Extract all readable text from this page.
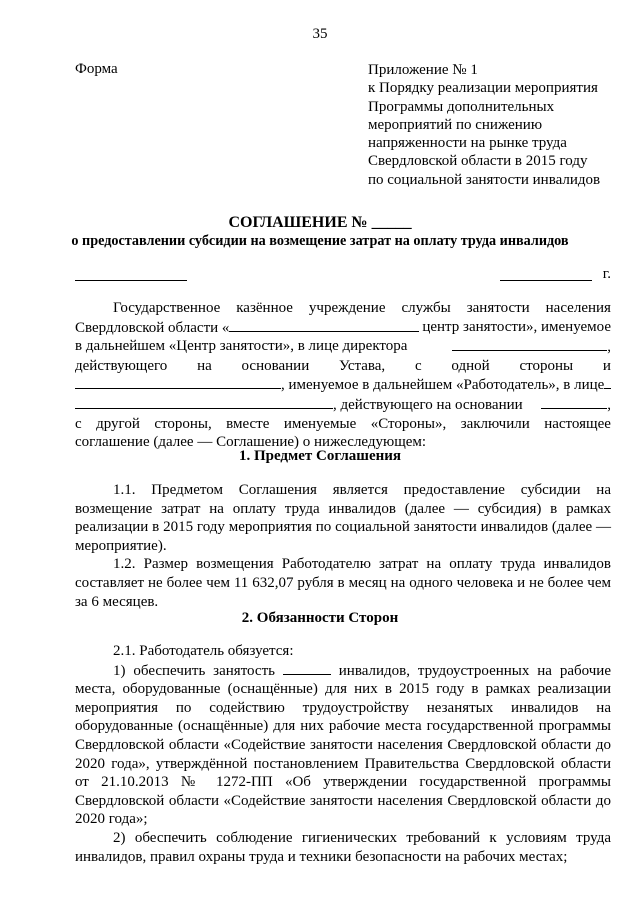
35
Форма	Приложение № 1
к Порядку реализации мероприятия
Программы дополнительных
мероприятий по снижению
напряженности на рынке труда
Свердловской области в 2015 году
по социальной занятости инвалидов
СОГЛАШЕНИЕ № _____
о предоставлении субсидии на возмещение затрат на оплату труда инвалидов
г.
Государственное казённое учреждение службы занятости населения
Свердловской области «	центр занятости», именуемое
в дальнейшем «Центр занятости», в лице директора	,
действующего на основании Устава, с одной стороны и
, именуемое в дальнейшем «Работодатель», в лице
, действующего на основании	,
с другой стороны, вместе именуемые «Стороны», заключили настоящее
соглашение (далее — Соглашение) о нижеследующем:
1. Предмет Соглашения

1.1. Предметом Соглашения является предоставление субсидии на возмещение затрат на оплату труда инвалидов (далее — субсидия) в рамках реализации в 2015 году мероприятия по социальной занятости инвалидов (далее — мероприятие).

1.2. Размер возмещения Работодателю затрат на оплату труда инвалидов составляет не более чем 11 632,07 рубля в месяц на одного человека и не более чем за 6 месяцев.

2. Обязанности Сторон

2.1. Работодатель обязуется:

1) обеспечить занятость	инвалидов, трудоустроенных на рабочие места, оборудованные (оснащённые) для них в 2015 году в рамках реализации мероприятия по содействию трудоустройству незанятых инвалидов на оборудованные (оснащённые) для них рабочие места государственной программы Свердловской области «Содействие занятости населения Свердловской области до 2020 года», утверждённой постановлением Правительства Свердловской области от 21.10.2013 № 1272-ПП «Об утверждении государственной программы Свердловской области «Содействие занятости населения Свердловской области до 2020 года»;

2) обеспечить соблюдение гигиенических требований к условиям труда инвалидов, правил охраны труда и техники безопасности на рабочих местах;
